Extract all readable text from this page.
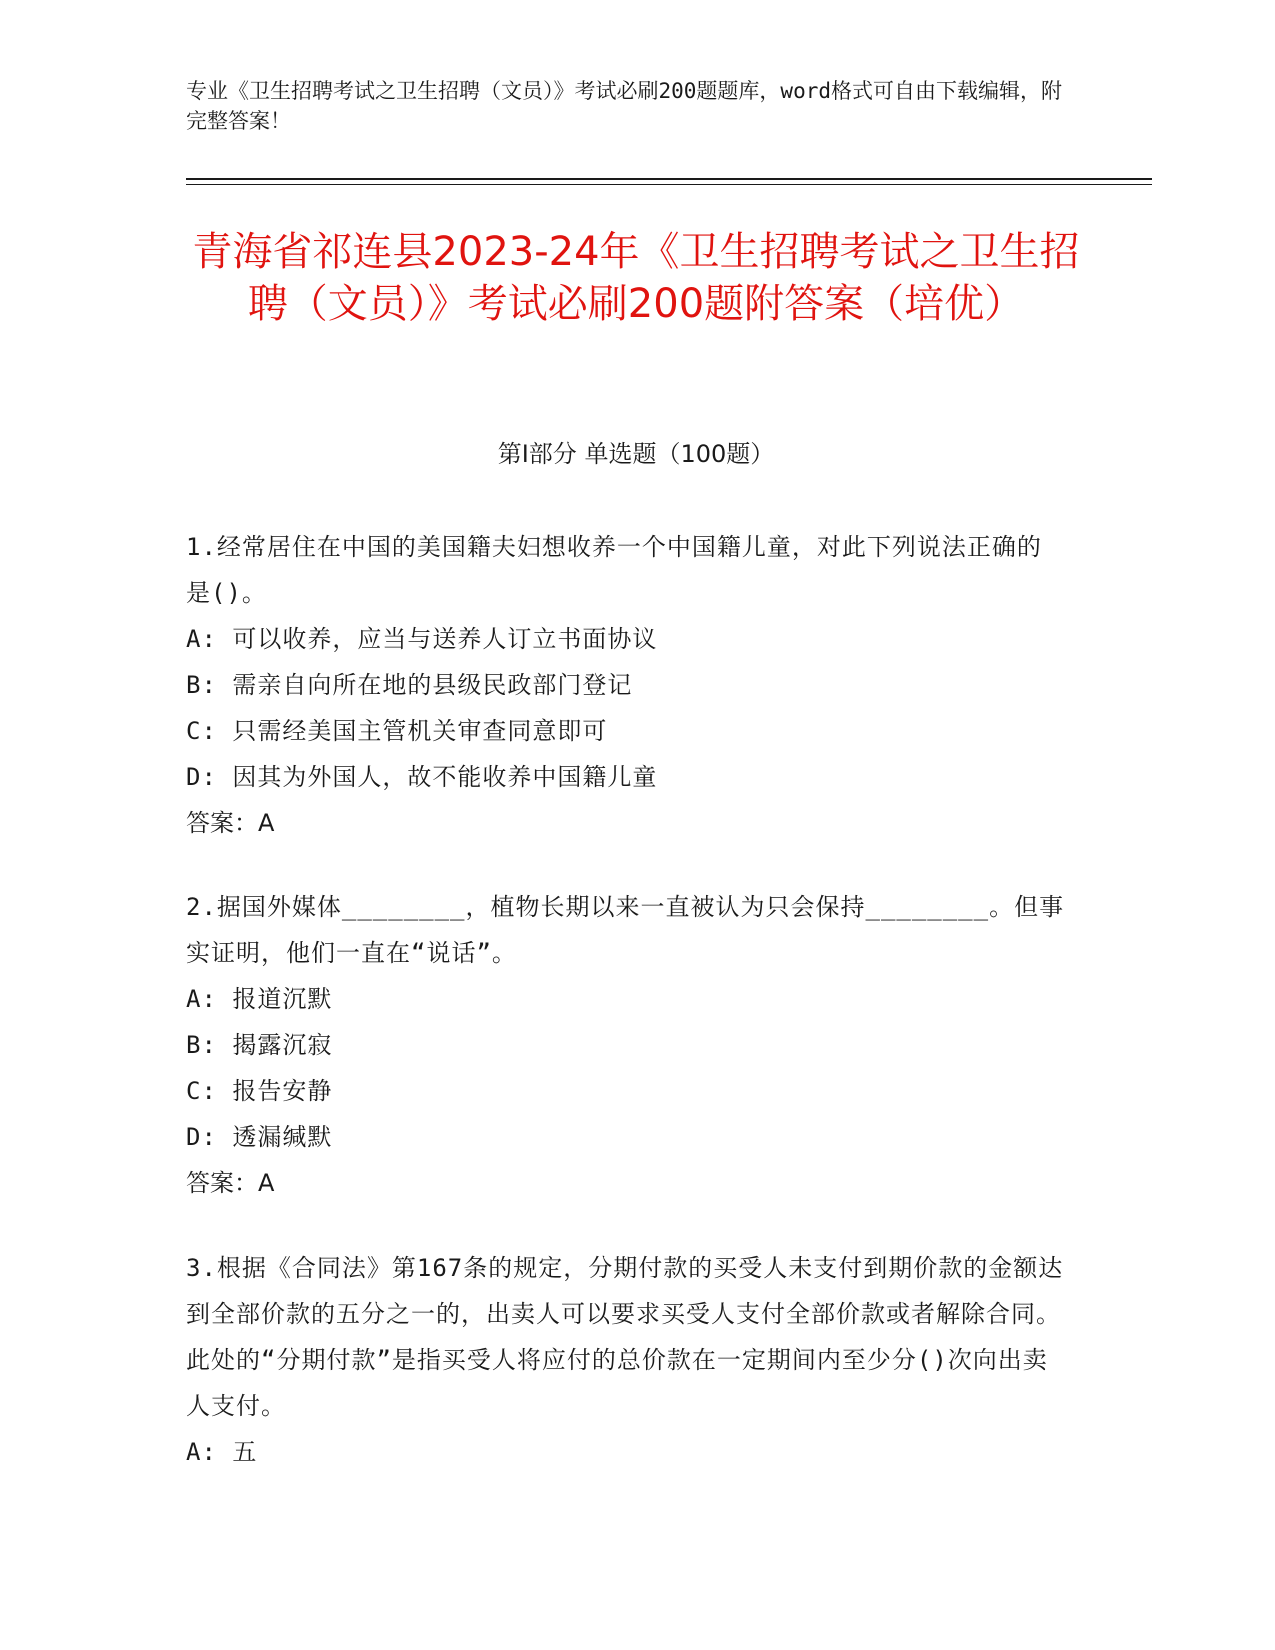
专业《卫生招聘考试之卫生招聘（文员）》考试必刷200题题库，word格式可自由下载编辑，附完整答案！
青海省祁连县2023-24年《卫生招聘考试之卫生招聘（文员）》考试必刷200题附答案（培优）
第Ⅰ部分 单选题（100题）
1.经常居住在中国的美国籍夫妇想收养一个中国籍儿童，对此下列说法正确的是()。
A: 可以收养，应当与送养人订立书面协议
B: 需亲自向所在地的县级民政部门登记
C: 只需经美国主管机关审查同意即可
D: 因其为外国人，故不能收养中国籍儿童
答案：A
2.据国外媒体________，植物长期以来一直被认为只会保持________。但事实证明，他们一直在“说话”。
A: 报道沉默
B: 揭露沉寂
C: 报告安静
D: 透漏缄默
答案：A
3.根据《合同法》第167条的规定，分期付款的买受人未支付到期价款的金额达到全部价款的五分之一的，出卖人可以要求买受人支付全部价款或者解除合同。此处的“分期付款”是指买受人将应付的总价款在一定期间内至少分()次向出卖人支付。
A: 五
